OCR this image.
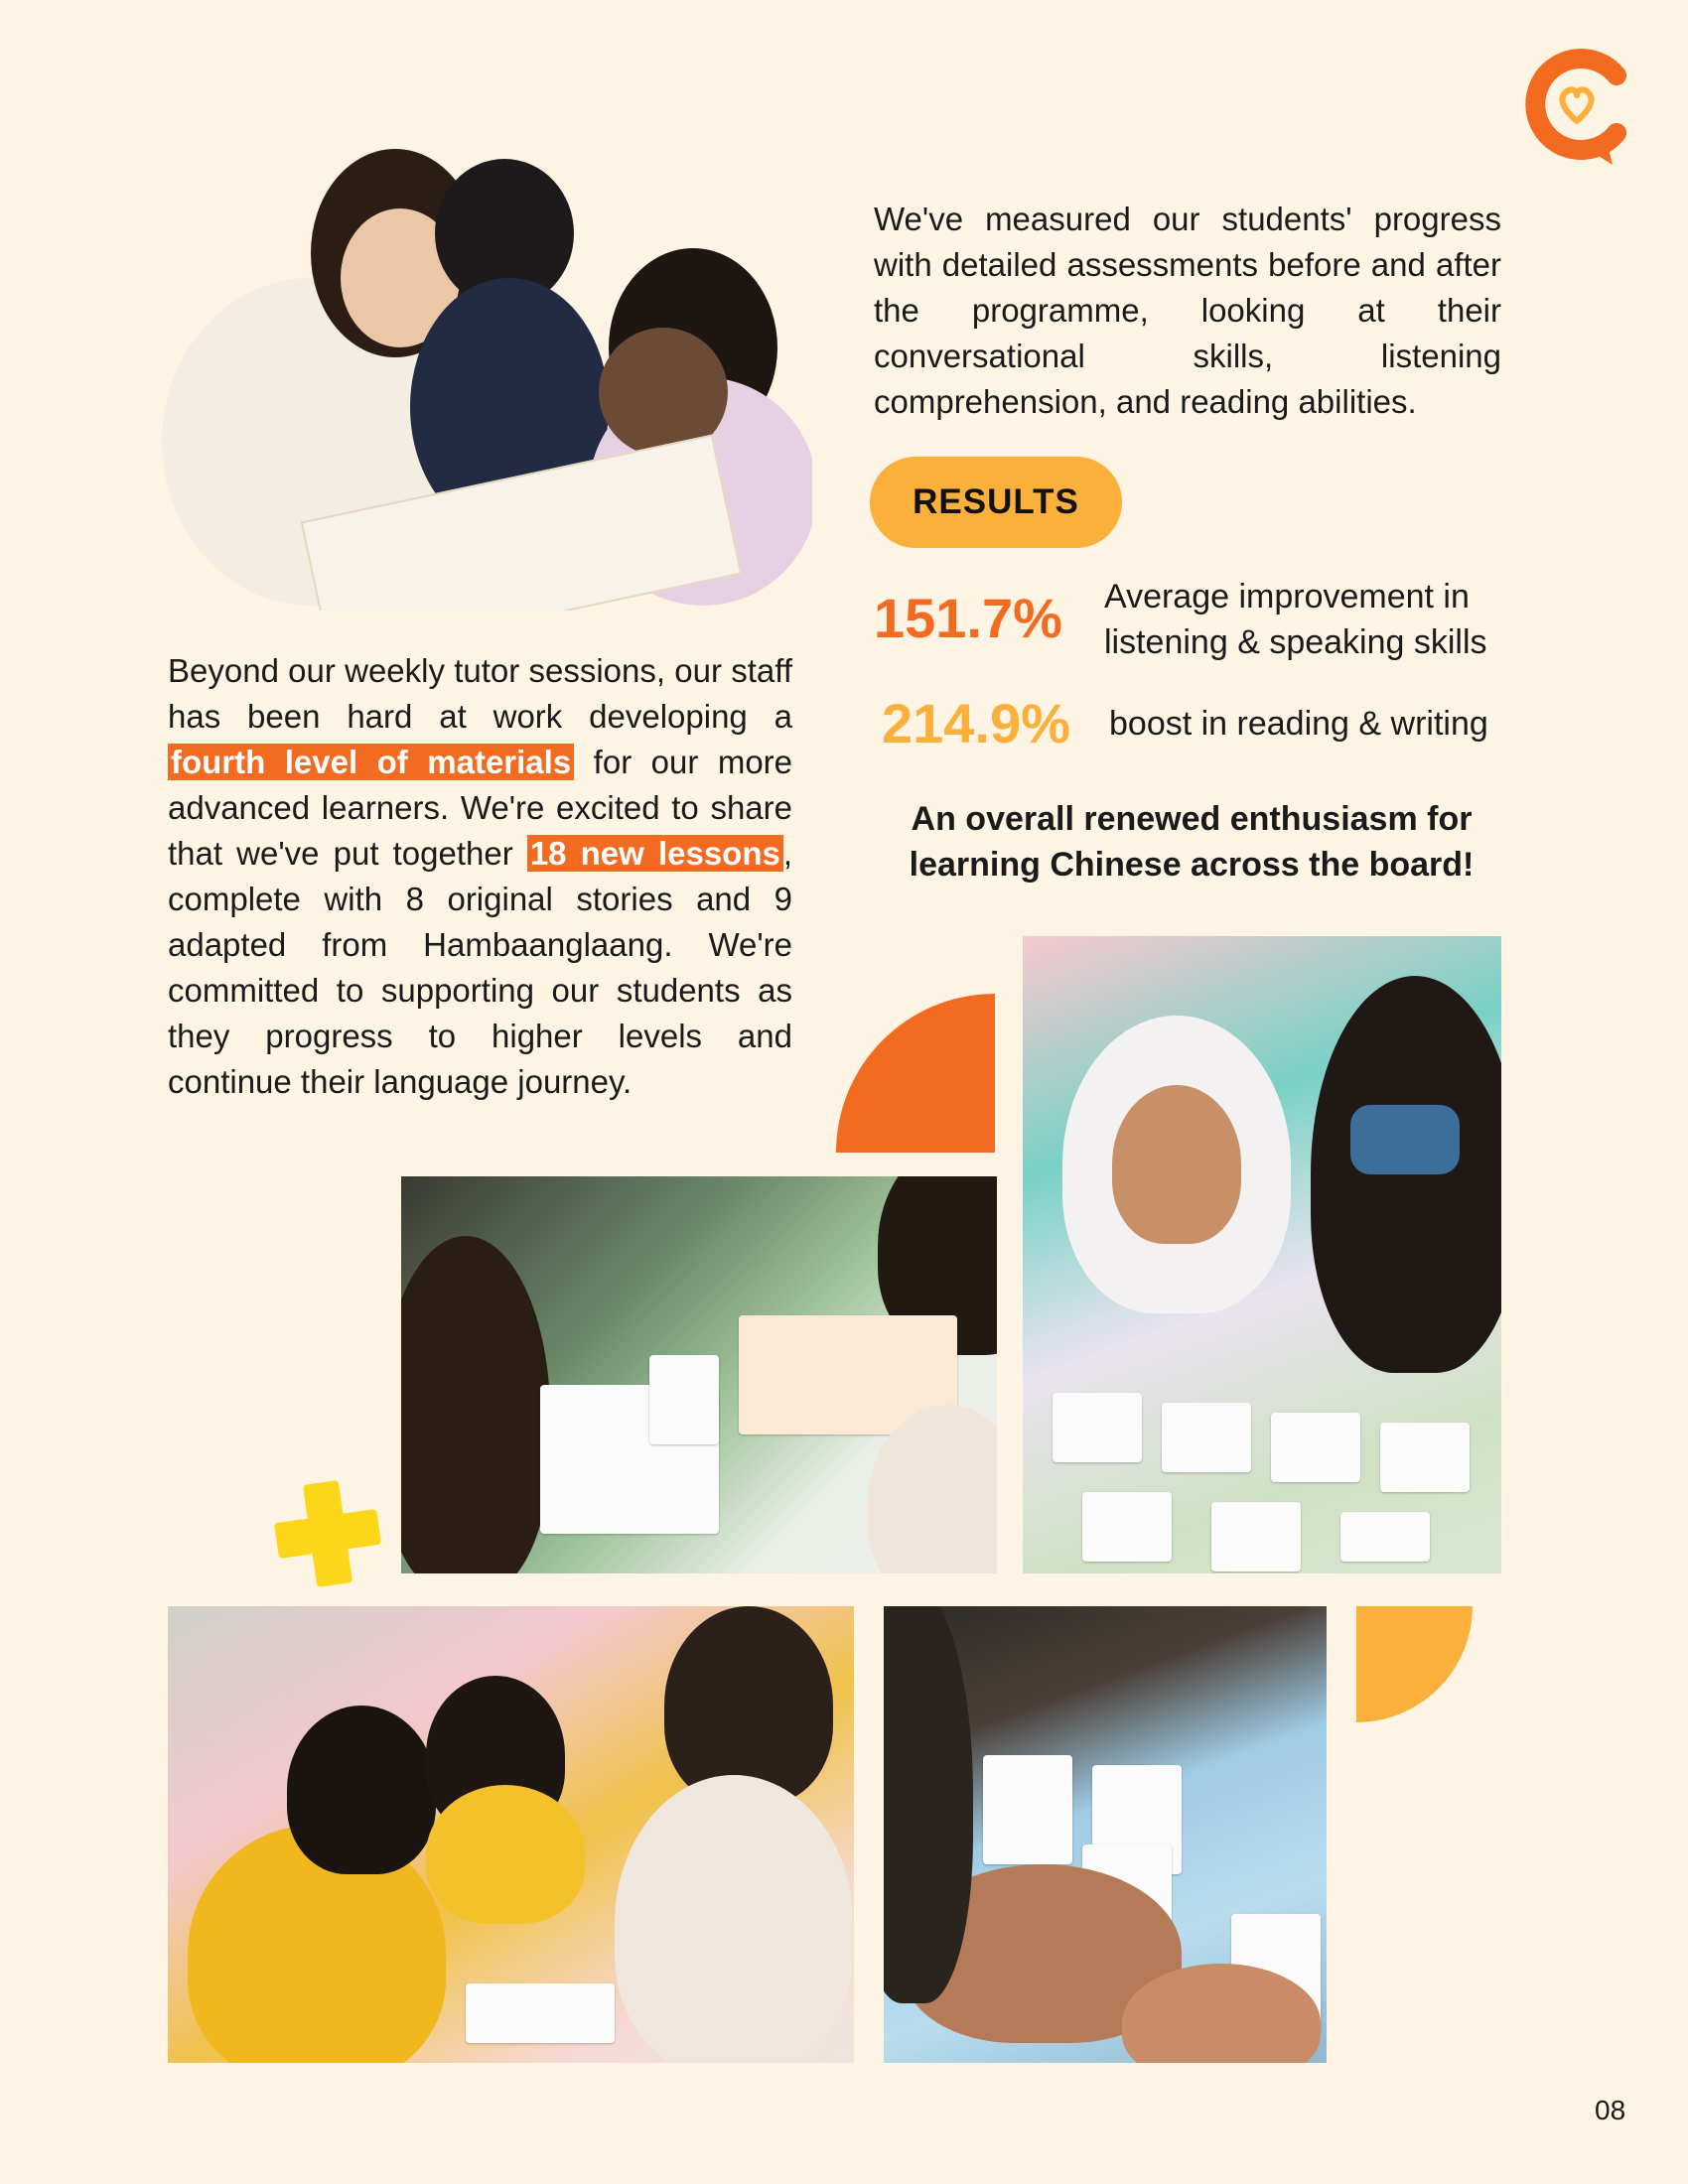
We've measured our students' progress with detailed assessments before and after the programme, looking at their conversational skills, listening comprehension, and reading abilities.

RESULTS
151.7% Average improvement in listening & speaking skills
214.9% boost in reading & writing
An overall renewed enthusiasm for learning Chinese across the board!

Beyond our weekly tutor sessions, our staff has been hard at work developing a fourth level of materials for our more advanced learners. We're excited to share that we've put together 18 new lessons, complete with 8 original stories and 9 adapted from Hambaanglaang. We're committed to supporting our students as they progress to higher levels and continue their language journey.

08
